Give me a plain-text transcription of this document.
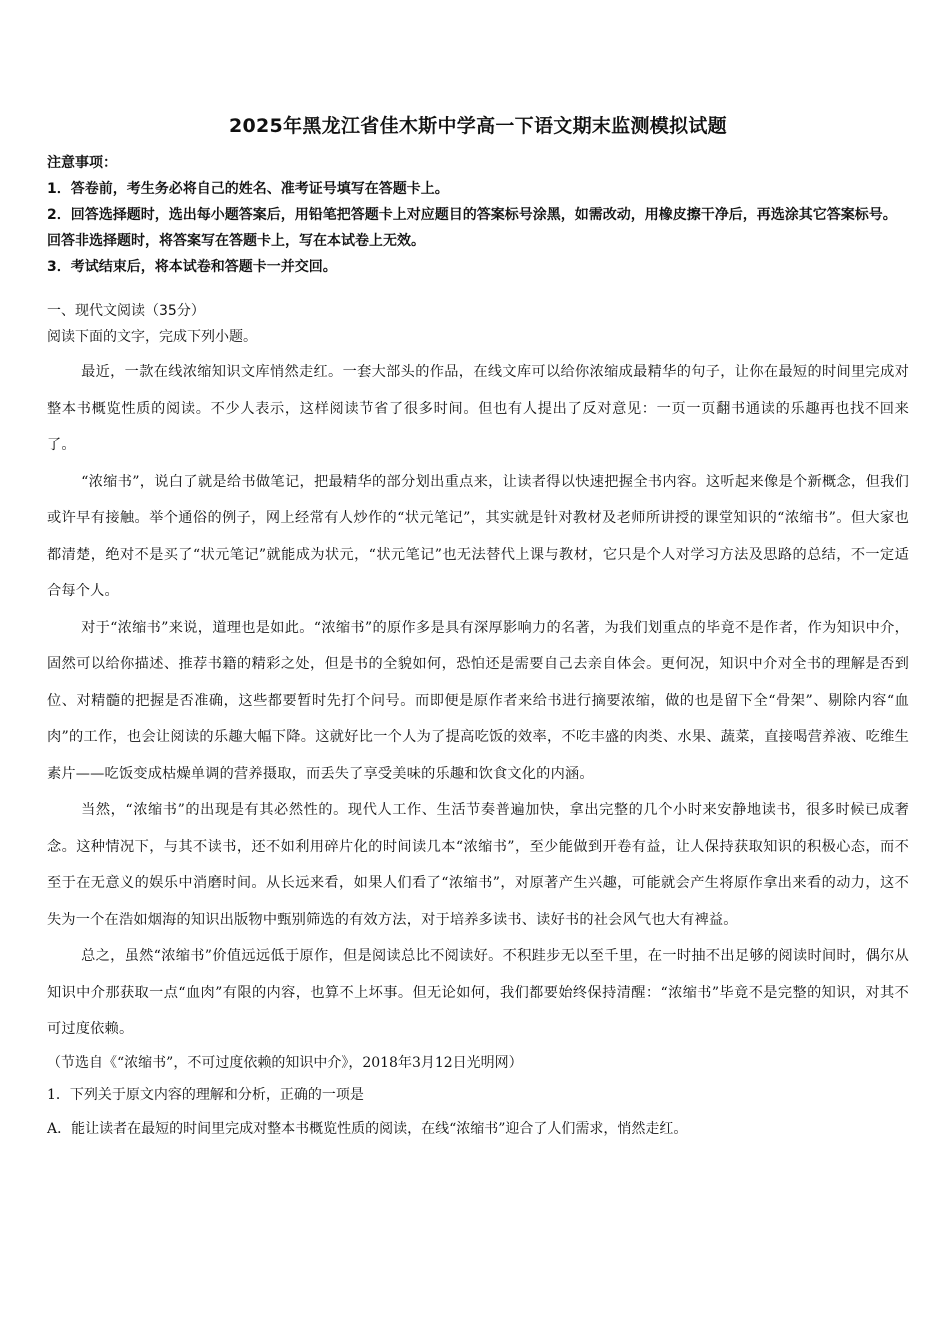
2025年黑龙江省佳木斯中学高一下语文期末监测模拟试题

注意事项：

1．答卷前，考生务必将自己的姓名、准考证号填写在答题卡上。

2．回答选择题时，选出每小题答案后，用铅笔把答题卡上对应题目的答案标号涂黑，如需改动，用橡皮擦干净后，再选涂其它答案标号。回答非选择题时，将答案写在答题卡上，写在本试卷上无效。

3．考试结束后，将本试卷和答题卡一并交回。

一、现代文阅读（35分）

阅读下面的文字，完成下列小题。

最近，一款在线浓缩知识文库悄然走红。一套大部头的作品，在线文库可以给你浓缩成最精华的句子，让你在最短的时间里完成对整本书概览性质的阅读。不少人表示，这样阅读节省了很多时间。但也有人提出了反对意见：一页一页翻书通读的乐趣再也找不回来了。

“浓缩书”，说白了就是给书做笔记，把最精华的部分划出重点来，让读者得以快速把握全书内容。这听起来像是个新概念，但我们或许早有接触。举个通俗的例子，网上经常有人炒作的“状元笔记”，其实就是针对教材及老师所讲授的课堂知识的“浓缩书”。但大家也都清楚，绝对不是买了“状元笔记”就能成为状元，“状元笔记”也无法替代上课与教材，它只是个人对学习方法及思路的总结，不一定适合每个人。

对于“浓缩书”来说，道理也是如此。“浓缩书”的原作多是具有深厚影响力的名著，为我们划重点的毕竟不是作者，作为知识中介，固然可以给你描述、推荐书籍的精彩之处，但是书的全貌如何，恐怕还是需要自己去亲自体会。更何况，知识中介对全书的理解是否到位、对精髓的把握是否准确，这些都要暂时先打个问号。而即便是原作者来给书进行摘要浓缩，做的也是留下全“骨架”、剔除内容“血肉”的工作，也会让阅读的乐趣大幅下降。这就好比一个人为了提高吃饭的效率，不吃丰盛的肉类、水果、蔬菜，直接喝营养液、吃维生素片——吃饭变成枯燥单调的营养摄取，而丢失了享受美味的乐趣和饮食文化的内涵。

当然，“浓缩书”的出现是有其必然性的。现代人工作、生活节奏普遍加快，拿出完整的几个小时来安静地读书，很多时候已成奢念。这种情况下，与其不读书，还不如利用碎片化的时间读几本“浓缩书”，至少能做到开卷有益，让人保持获取知识的积极心态，而不至于在无意义的娱乐中消磨时间。从长远来看，如果人们看了“浓缩书”，对原著产生兴趣，可能就会产生将原作拿出来看的动力，这不失为一个在浩如烟海的知识出版物中甄别筛选的有效方法，对于培养多读书、读好书的社会风气也大有裨益。

总之，虽然“浓缩书”价值远远低于原作，但是阅读总比不阅读好。不积跬步无以至千里，在一时抽不出足够的阅读时间时，偶尔从知识中介那获取一点“血肉”有限的内容，也算不上坏事。但无论如何，我们都要始终保持清醒：“浓缩书”毕竟不是完整的知识，对其不可过度依赖。

（节选自《“浓缩书”，不可过度依赖的知识中介》，2018年3月12日光明网）

1．下列关于原文内容的理解和分析，正确的一项是

A．能让读者在最短的时间里完成对整本书概览性质的阅读，在线“浓缩书”迎合了人们需求，悄然走红。
